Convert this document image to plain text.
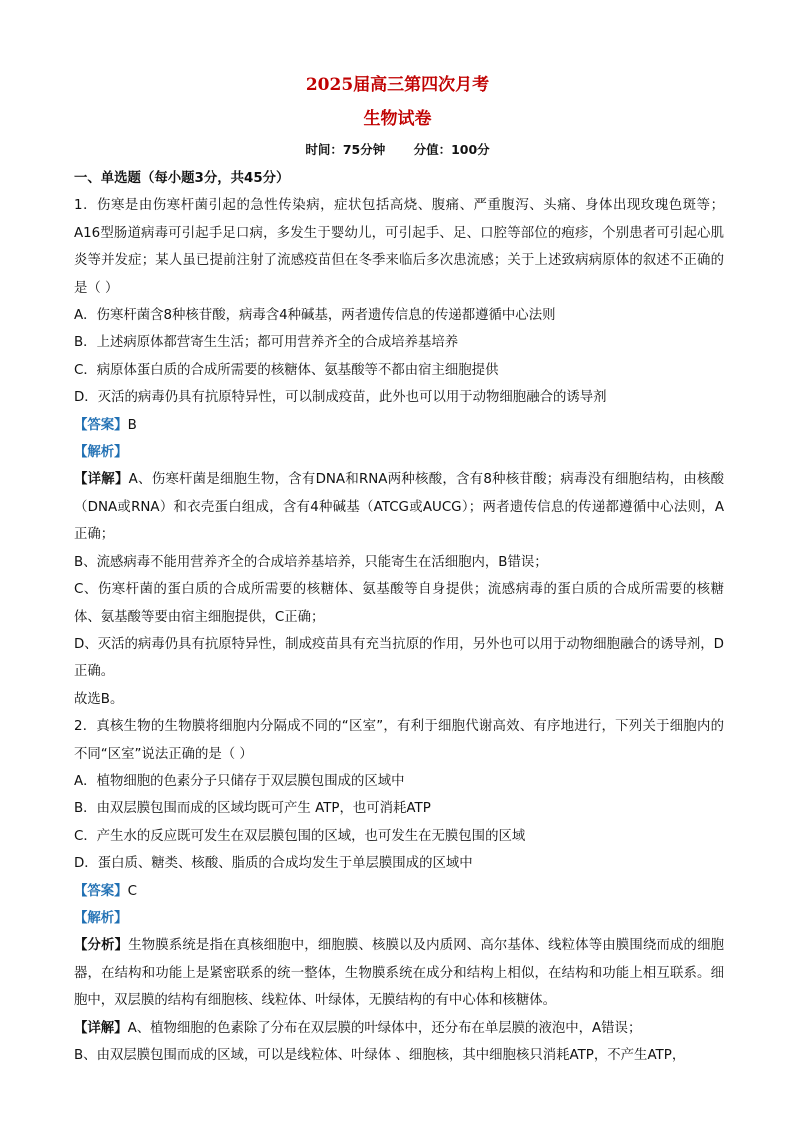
2025届高三第四次月考
生物试卷
时间：75分钟 分值：100分

一、单选题（每小题3分，共45分）

1．伤寒是由伤寒杆菌引起的急性传染病，症状包括高烧、腹痛、严重腹泻、头痛、身体出现玫瑰色斑等；A16型肠道病毒可引起手足口病，多发生于婴幼儿，可引起手、足、口腔等部位的疱疹，个别患者可引起心肌炎等并发症；某人虽已提前注射了流感疫苗但在冬季来临后多次患流感；关于上述致病病原体的叙述不正确的是（ ）

A．伤寒杆菌含8种核苷酸，病毒含4种碱基，两者遗传信息的传递都遵循中心法则

B．上述病原体都营寄生生活；都可用营养齐全的合成培养基培养

C．病原体蛋白质的合成所需要的核糖体、氨基酸等不都由宿主细胞提供

D．灭活的病毒仍具有抗原特异性，可以制成疫苗，此外也可以用于动物细胞融合的诱导剂

【答案】B

【解析】

【详解】A、伤寒杆菌是细胞生物，含有DNA和RNA两种核酸，含有8种核苷酸；病毒没有细胞结构，由核酸（DNA或RNA）和衣壳蛋白组成，含有4种碱基（ATCG或AUCG）；两者遗传信息的传递都遵循中心法则，A正确；

B、流感病毒不能用营养齐全的合成培养基培养，只能寄生在活细胞内，B错误；

C、伤寒杆菌的蛋白质的合成所需要的核糖体、氨基酸等自身提供；流感病毒的蛋白质的合成所需要的核糖体、氨基酸等要由宿主细胞提供，C正确；

D、灭活的病毒仍具有抗原特异性，制成疫苗具有充当抗原的作用，另外也可以用于动物细胞融合的诱导剂，D正确。

故选B。

2．真核生物的生物膜将细胞内分隔成不同的“区室”，有利于细胞代谢高效、有序地进行，下列关于细胞内的不同“区室”说法正确的是（ ）

A．植物细胞的色素分子只储存于双层膜包围成的区域中

B．由双层膜包围而成的区域均既可产生 ATP，也可消耗ATP

C．产生水的反应既可发生在双层膜包围的区域，也可发生在无膜包围的区域

D．蛋白质、糖类、核酸、脂质的合成均发生于单层膜围成的区域中

【答案】C

【解析】

【分析】生物膜系统是指在真核细胞中，细胞膜、核膜以及内质网、高尔基体、线粒体等由膜围绕而成的细胞器，在结构和功能上是紧密联系的统一整体，生物膜系统在成分和结构上相似，在结构和功能上相互联系。细胞中，双层膜的结构有细胞核、线粒体、叶绿体，无膜结构的有中心体和核糖体。

【详解】A、植物细胞的色素除了分布在双层膜的叶绿体中，还分布在单层膜的液泡中，A错误；

B、由双层膜包围而成的区域，可以是线粒体、叶绿体 、细胞核，其中细胞核只消耗ATP，不产生ATP，
